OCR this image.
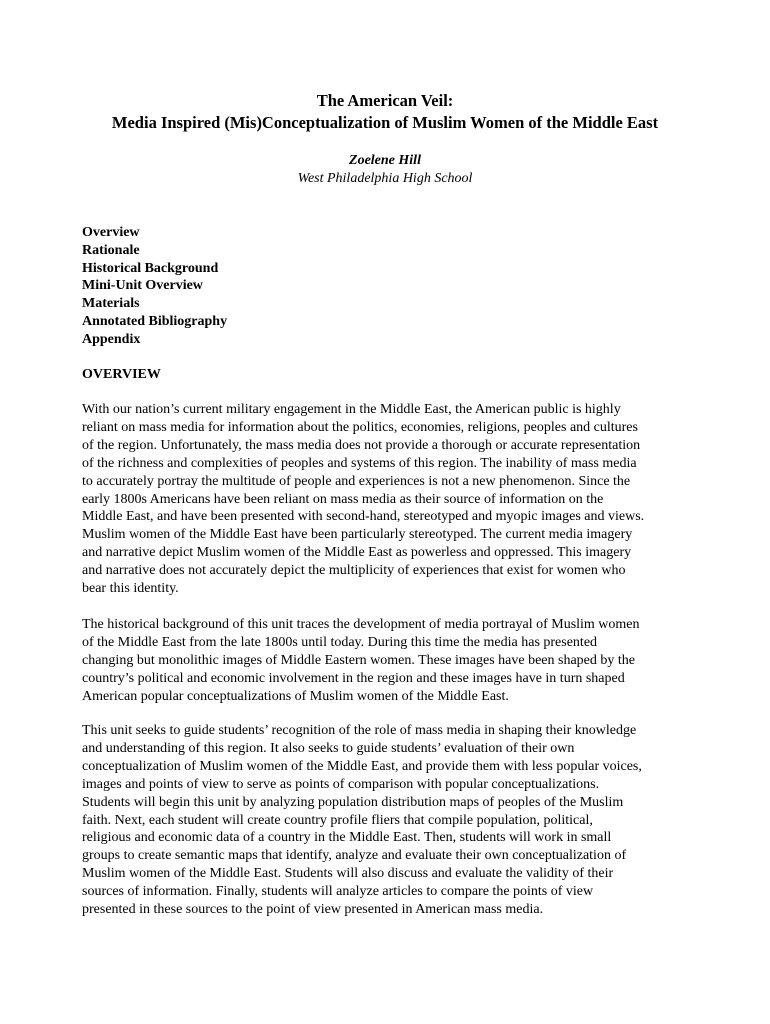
The American Veil:

Media Inspired (Mis)Conceptualization of Muslim Women of the Middle East

Zoelene Hill
West Philadelphia High School
Overview
Rationale
Historical Background
Mini-Unit Overview
Materials
Annotated Bibliography
Appendix
OVERVIEW
With our nation’s current military engagement in the Middle East, the American public is highly
reliant on mass media for information about the politics, economies, religions, peoples and cultures
of the region. Unfortunately, the mass media does not provide a thorough or accurate representation
of the richness and complexities of peoples and systems of this region. The inability of mass media
to accurately portray the multitude of people and experiences is not a new phenomenon. Since the
early 1800s Americans have been reliant on mass media as their source of information on the
Middle East, and have been presented with second-hand, stereotyped and myopic images and views.
Muslim women of the Middle East have been particularly stereotyped. The current media imagery
and narrative depict Muslim women of the Middle East as powerless and oppressed. This imagery
and narrative does not accurately depict the multiplicity of experiences that exist for women who
bear this identity.
The historical background of this unit traces the development of media portrayal of Muslim women
of the Middle East from the late 1800s until today. During this time the media has presented
changing but monolithic images of Middle Eastern women. These images have been shaped by the
country’s political and economic involvement in the region and these images have in turn shaped
American popular conceptualizations of Muslim women of the Middle East.
This unit seeks to guide students’ recognition of the role of mass media in shaping their knowledge
and understanding of this region. It also seeks to guide students’ evaluation of their own
conceptualization of Muslim women of the Middle East, and provide them with less popular voices,
images and points of view to serve as points of comparison with popular conceptualizations.
Students will begin this unit by analyzing population distribution maps of peoples of the Muslim
faith. Next, each student will create country profile fliers that compile population, political,
religious and economic data of a country in the Middle East. Then, students will work in small
groups to create semantic maps that identify, analyze and evaluate their own conceptualization of
Muslim women of the Middle East. Students will also discuss and evaluate the validity of their
sources of information. Finally, students will analyze articles to compare the points of view
presented in these sources to the point of view presented in American mass media.
